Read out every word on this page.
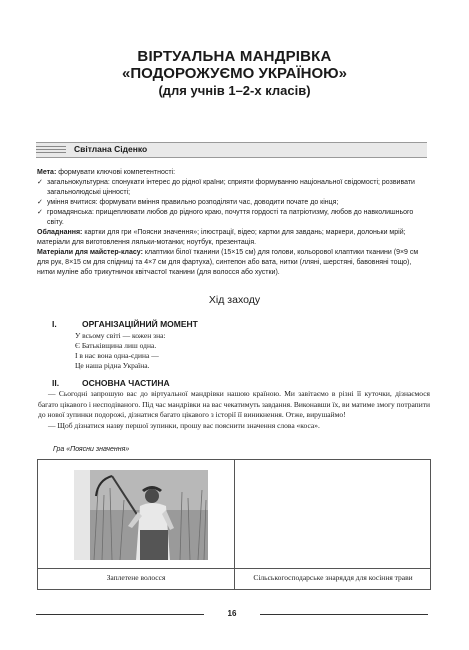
ВІРТУАЛЬНА МАНДРІВКА
«ПОДОРОЖУЄМО УКРАЇНОЮ»
(для учнів 1–2-х класів)
Світлана Сіденко

Мета: формувати ключові компетентності:

✓ загальнокультурна: спонукати інтерес до рідної країни; сприяти формуванню національної свідомості; розвивати загальнолюдські цінності;

✓ уміння вчитися: формувати вміння правильно розподіляти час, доводити почате до кінця;

✓ громадянська: прищеплювати любов до рідного краю, почуття гордості та патріотизму, любов до навколишнього світу.

Обладнання: картки для гри «Поясни значення»; ілюстрації, відео; картки для завдань; маркери, долоньки мрій; матеріали для виготовлення ляльки-мотанки; ноутбук, презентація.

Матеріали для майстер-класу: клаптики білої тканини (15×15 см) для голови, кольорової клаптики тканини (9×9 см для рук, 8×15 см для спідниці та 4×7 см для фартуха), синтепон або вата, нитки (лляні, шерстяні, бавовняні тощо), нитки муліне або трикутничок квітчастої тканини (для волосся або хустки).

Хід заходу
І.	ОРГАНІЗАЦІЙНИЙ МОМЕНТ
У всьому світі — кожен зна:
Є Батьківщина лиш одна.
І в нас вона одна-єдина —
Це наша рідна Україна.
ІІ.	ОСНОВНА ЧАСТИНА

— Сьогодні запрошую вас до віртуальної мандрівки нашою країною. Ми завітаємо в різні її куточки, дізнаємося багато цікавого і несподіваного. Під час мандрівки на вас чекатимуть завдання. Виконавши їх, ви матиме змогу потрапити до нової зупинки подорожі, дізнатися багато цікавого з історії її виникнення. Отже, вирушаймо!

— Щоб дізнатися назву першої зупинки, прошу вас пояснити значення слова «коса».

Гра «Поясни значення»
Заплетене волосся	Сільськогосподарське знаряддя для косіння трави
16
